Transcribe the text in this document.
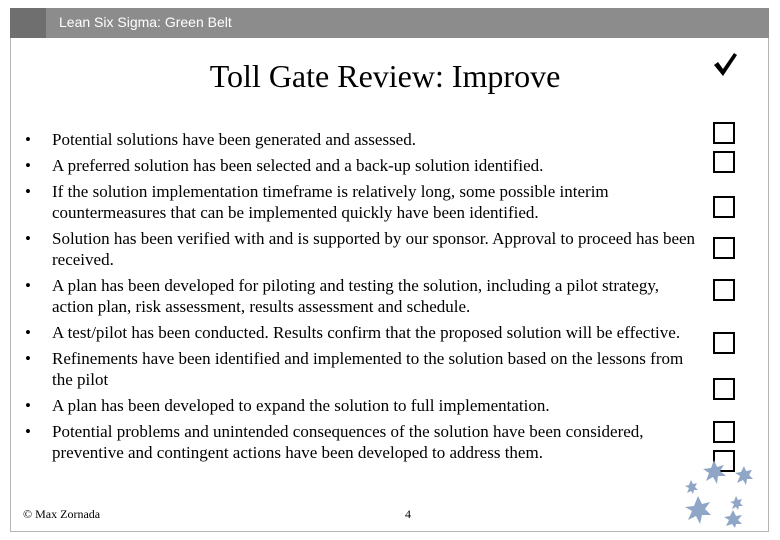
Lean Six Sigma: Green Belt
Toll Gate Review: Improve
• Potential solutions have been generated and assessed.
• A preferred solution has been selected and a back-up solution identified.
• If the solution implementation timeframe is relatively long, some possible interim countermeasures that can be implemented quickly have been identified.
• Solution has been verified with and is supported by our sponsor. Approval to proceed has been received.
• A plan has been developed for piloting and testing the solution, including a pilot strategy, action plan, risk assessment, results assessment and schedule.
• A test/pilot has been conducted. Results confirm that the proposed solution will be effective.
• Refinements have been identified and implemented to the solution based on the lessons from the pilot
• A plan has been developed to expand the solution to full implementation.
• Potential problems and unintended consequences of the solution have been considered, preventive and contingent actions have been developed to address them.
© Max Zornada	4
